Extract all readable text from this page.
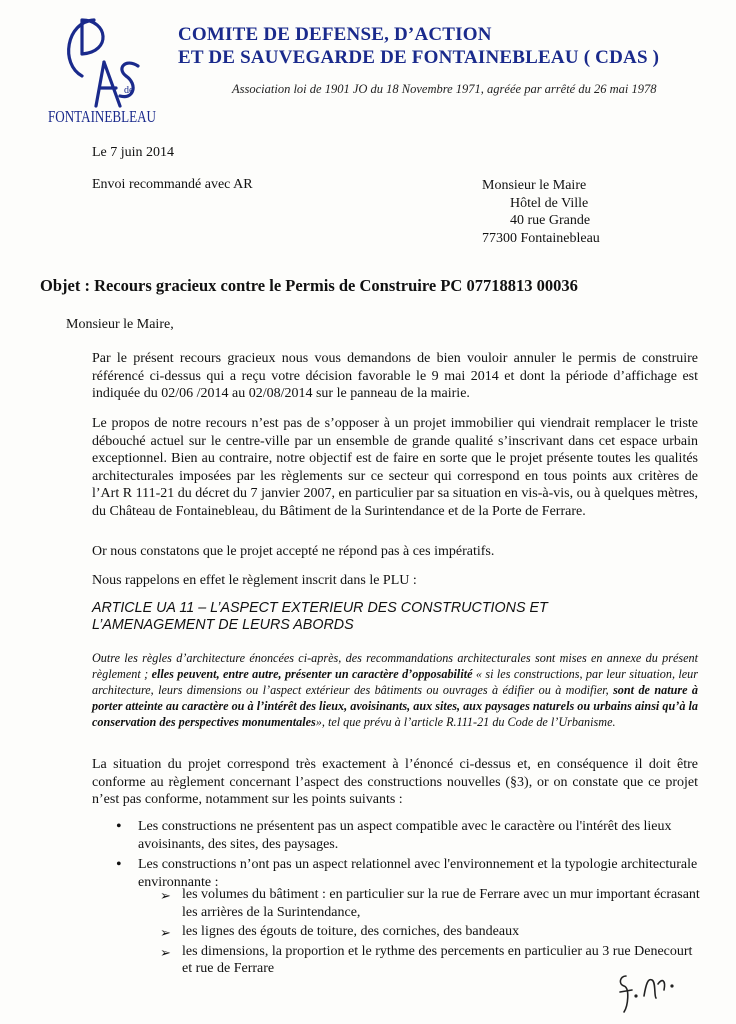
de
FONTAINEBLEAU
COMITE DE DEFENSE, D’ACTION
ET DE SAUVEGARDE DE FONTAINEBLEAU ( CDAS )
Association loi de 1901 JO du 18 Novembre 1971, agréée par arrêté du 26 mai 1978
Le 7 juin 2014
Envoi recommandé avec AR	Monsieur le Maire
Hôtel de Ville
40 rue Grande
77300 Fontainebleau
Objet : Recours gracieux contre le Permis de Construire PC 07718813 00036
Monsieur le Maire,
Par le présent recours gracieux nous vous demandons de bien vouloir annuler le permis de construire référencé ci-dessus qui a reçu votre décision favorable le 9 mai 2014 et dont la période d’affichage est indiquée du 02/06 /2014 au 02/08/2014 sur le panneau de la mairie.
Le propos de notre recours n’est pas de s’opposer à un projet immobilier qui viendrait remplacer le triste débouché actuel sur le centre-ville par un ensemble de grande qualité s’inscrivant dans cet espace urbain exceptionnel. Bien au contraire, notre objectif est de faire en sorte que le projet présente toutes les qualités architecturales imposées par les règlements sur ce secteur qui correspond en tous points aux critères de l’Art R 111-21 du décret du 7 janvier 2007, en particulier par sa situation en vis-à-vis, ou à quelques mètres, du Château de Fontainebleau, du Bâtiment de la Surintendance et de la Porte de Ferrare.
Or nous constatons que le projet accepté ne répond pas à ces impératifs.
Nous rappelons en effet le règlement inscrit dans le PLU :
ARTICLE UA 11 – L’ASPECT EXTERIEUR DES CONSTRUCTIONS ET L’AMENAGEMENT DE LEURS ABORDS
Outre les règles d’architecture énoncées ci-après, des recommandations architecturales sont mises en annexe du présent règlement ; elles peuvent, entre autre, présenter un caractère d’opposabilité « si les constructions, par leur situation, leur architecture, leurs dimensions ou l’aspect extérieur des bâtiments ou ouvrages à édifier ou à modifier, sont de nature à porter atteinte au caractère ou à l’intérêt des lieux, avoisinants, aux sites, aux paysages naturels ou urbains ainsi qu’à la conservation des perspectives monumentales», tel que prévu à l’article R.111-21 du Code de l’Urbanisme.
La situation du projet correspond très exactement à l’énoncé ci-dessus et, en conséquence il doit être conforme au règlement concernant l’aspect des constructions nouvelles (§3), or on constate que ce projet n’est pas conforme, notamment sur les points suivants :
• Les constructions ne présentent pas un aspect compatible avec le caractère ou l'intérêt des lieux avoisinants, des sites, des paysages.
• Les constructions n’ont pas un aspect relationnel avec l'environnement et la typologie architecturale environnante :
➢ les volumes du bâtiment : en particulier sur la rue de Ferrare avec un mur important écrasant les arrières de la Surintendance,
➢ les lignes des égouts de toiture, des corniches, des bandeaux
➢ les dimensions, la proportion et le rythme des percements en particulier au 3 rue Denecourt et rue de Ferrare
